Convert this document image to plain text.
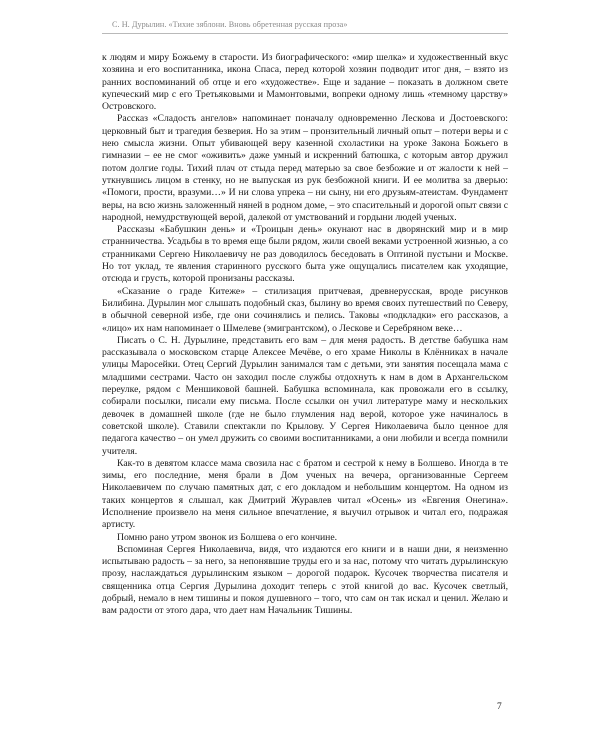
С. Н. Дурылин. «Тихие зяблони. Вновь обретенная русская проза»

к людям и миру Божьему в старости. Из биографического: «мир шелка» и художественный вкус хозяина и его воспитанника, икона Спаса, перед которой хозяин подводит итог дня, – взято из ранних воспоминаний об отце и его «художестве». Еще и задание – показать в должном свете купеческий мир с его Третьяковыми и Мамонтовыми, вопреки одному лишь «темному царству» Островского.

Рассказ «Сладость ангелов» напоминает поначалу одновременно Лескова и Достоевского: церковный быт и трагедия безверия. Но за этим – пронзительный личный опыт – потери веры и с нею смысла жизни. Опыт убивающей веру казенной схоластики на уроке Закона Божьего в гимназии – ее не смог «оживить» даже умный и искренний батюшка, с которым автор дружил потом долгие годы. Тихий плач от стыда перед матерью за свое безбожие и от жалости к ней – уткнувшись лицом в стенку, но не выпуская из рук безбожной книги. И ее молитва за дверью: «Помоги, прости, вразуми…» И ни слова упрека – ни сыну, ни его друзьям-атеистам. Фундамент веры, на всю жизнь заложенный няней в родном доме, – это спасительный и дорогой опыт связи с народной, немудрствующей верой, далекой от умствований и гордыни людей ученых.

Рассказы «Бабушкин день» и «Троицын день» окунают нас в дворянский мир и в мир странничества. Усадьбы в то время еще были рядом, жили своей веками устроенной жизнью, а со странниками Сергею Николаевичу не раз доводилось беседовать в Оптиной пустыни и Москве. Но тот уклад, те явления старинного русского быта уже ощущались писателем как уходящие, отсюда и грусть, которой пронизаны рассказы.

«Сказание о граде Китеже» – стилизация притчевая, древнерусская, вроде рисунков Билибина. Дурылин мог слышать подобный сказ, былину во время своих путешествий по Северу, в обычной северной избе, где они сочинялись и пелись. Таковы «подкладки» его рассказов, а «лицо» их нам напоминает о Шмелеве (эмигрантском), о Лескове и Серебряном веке…

Писать о С. Н. Дурылине, представить его вам – для меня радость. В детстве бабушка нам рассказывала о московском старце Алексее Мечёве, о его храме Николы в Клённиках в начале улицы Маросейки. Отец Сергий Дурылин занимался там с детьми, эти занятия посещала мама с младшими сестрами. Часто он заходил после службы отдохнуть к нам в дом в Архангельском переулке, рядом с Меншиковой башней. Бабушка вспоминала, как провожали его в ссылку, собирали посылки, писали ему письма. После ссылки он учил литературе маму и нескольких девочек в домашней школе (где не было глумления над верой, которое уже начиналось в советской школе). Ставили спектакли по Крылову. У Сергея Николаевича было ценное для педагога качество – он умел дружить со своими воспитанниками, а они любили и всегда помнили учителя.

Как-то в девятом классе мама свозила нас с братом и сестрой к нему в Болшево. Иногда в те зимы, его последние, меня брали в Дом ученых на вечера, организованные Сергеем Николаевичем по случаю памятных дат, с его докладом и небольшим концертом. На одном из таких концертов я слышал, как Дмитрий Журавлев читал «Осень» из «Евгения Онегина». Исполнение произвело на меня сильное впечатление, я выучил отрывок и читал его, подражая артисту.

Помню рано утром звонок из Болшева о его кончине.

Вспоминая Сергея Николаевича, видя, что издаются его книги и в наши дни, я неизменно испытываю радость – за него, за непонявшие труды его и за нас, потому что читать дурылинскую прозу, наслаждаться дурылинским языком – дорогой подарок. Кусочек творчества писателя и священника отца Сергия Дурылина доходит теперь с этой книгой до вас. Кусочек светлый, добрый, немало в нем тишины и покоя душевного – того, что сам он так искал и ценил. Желаю и вам радости от этого дара, что дает нам Начальник Тишины.

7
